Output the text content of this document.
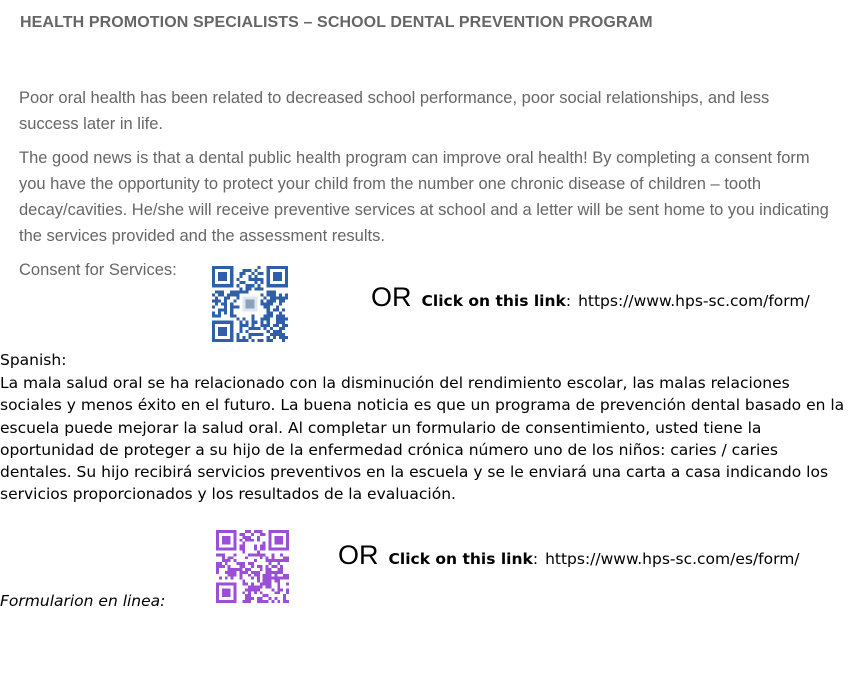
HEALTH PROMOTION SPECIALISTS – SCHOOL DENTAL PREVENTION PROGRAM

Poor oral health has been related to decreased school performance, poor social relationships, and less success later in life.

The good news is that a dental public health program can improve oral health! By completing a consent form you have the opportunity to protect your child from the number one chronic disease of children – tooth decay/cavities. He/she will receive preventive services at school and a letter will be sent home to you indicating the services provided and the assessment results.

Consent for Services:
OR Click on this link : https://www.hps-sc.com/form/
Spanish:

La mala salud oral se ha relacionado con la disminución del rendimiento escolar, las malas relaciones sociales y menos éxito en el futuro. La buena noticia es que un programa de prevención dental basado en la escuela puede mejorar la salud oral. Al completar un formulario de consentimiento, usted tiene la oportunidad de proteger a su hijo de la enfermedad crónica número uno de los niños: caries / caries dentales. Su hijo recibirá servicios preventivos en la escuela y se le enviará una carta a casa indicando los servicios proporcionados y los resultados de la evaluación.

OR Click on this link : https://www.hps-sc.com/es/form/
Formularion en linea:
